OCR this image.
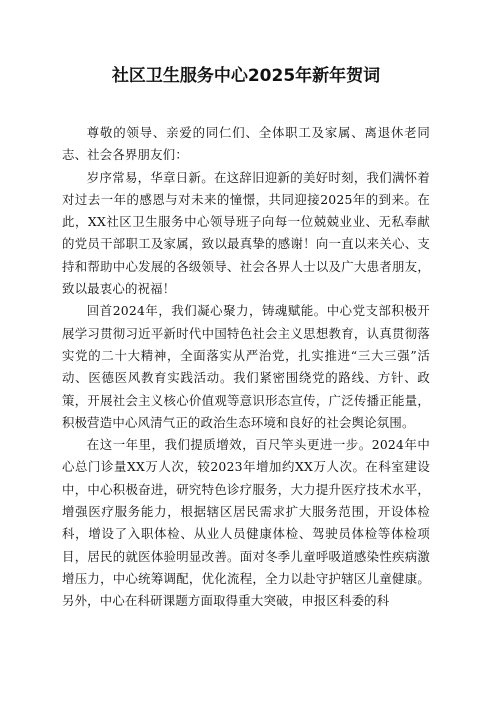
社区卫生服务中心2025年新年贺词

尊敬的领导、亲爱的同仁们、全体职工及家属、离退休老同志、社会各界朋友们：

岁序常易，华章日新。在这辞旧迎新的美好时刻，我们满怀着对过去一年的感恩与对未来的憧憬，共同迎接2025年的到来。在此，XX社区卫生服务中心领导班子向每一位兢兢业业、无私奉献的党员干部职工及家属，致以最真挚的感谢！向一直以来关心、支持和帮助中心发展的各级领导、社会各界人士以及广大患者朋友，致以最衷心的祝福！

回首2024年，我们凝心聚力，铸魂赋能。中心党支部积极开展学习贯彻习近平新时代中国特色社会主义思想教育，认真贯彻落实党的二十大精神，全面落实从严治党，扎实推进“三大三强”活动、医德医风教育实践活动。我们紧密围绕党的路线、方针、政策，开展社会主义核心价值观等意识形态宣传，广泛传播正能量，积极营造中心风清气正的政治生态环境和良好的社会舆论氛围。

在这一年里，我们提质增效，百尺竿头更进一步。2024年中心总门诊量XX万人次，较2023年增加约XX万人次。在科室建设中，中心积极奋进，研究特色诊疗服务，大力提升医疗技术水平，增强医疗服务能力，根据辖区居民需求扩大服务范围，开设体检科，增设了入职体检、从业人员健康体检、驾驶员体检等体检项目，居民的就医体验明显改善。面对冬季儿童呼吸道感染性疾病激增压力，中心统筹调配，优化流程，全力以赴守护辖区儿童健康。另外，中心在科研课题方面取得重大突破，申报区科委的科
